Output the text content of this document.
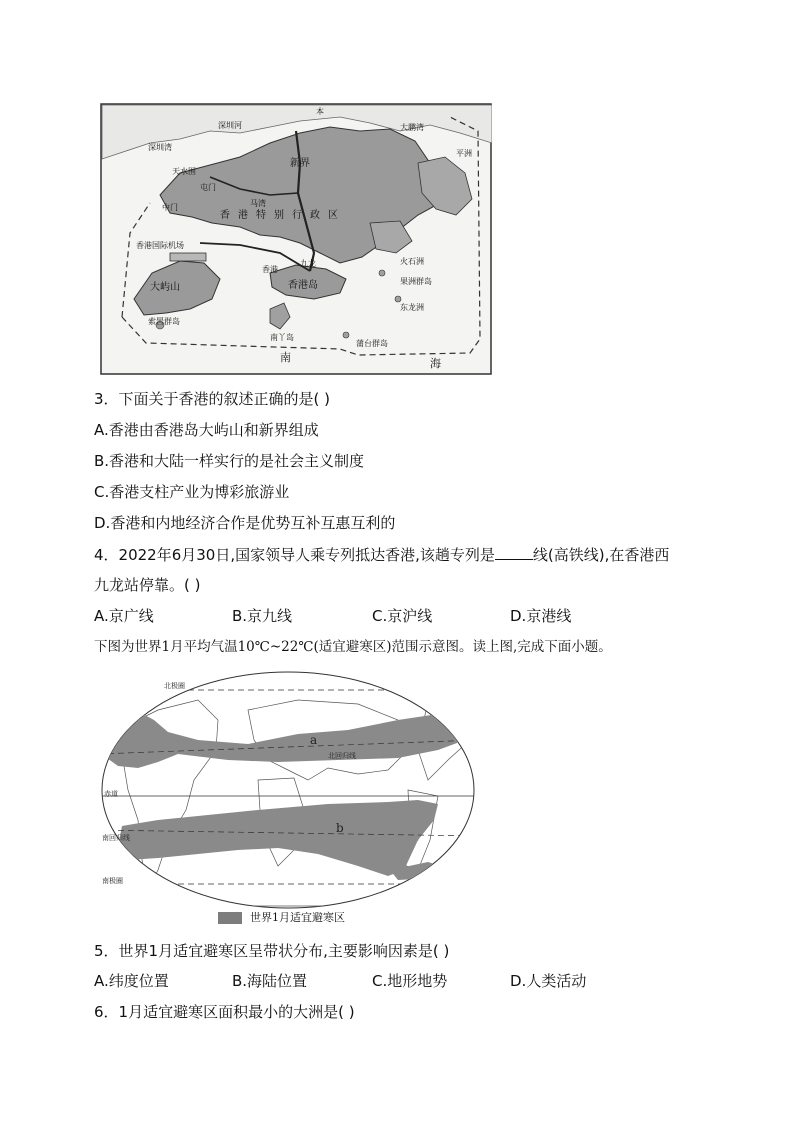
本
深圳河
深圳湾
大鹏湾
新界
天水围
屯门
中门	马湾
香港特别行政区
香港国际机场
大屿山
九龙
香港
香港岛
火石洲
果洲群岛
东龙洲
索罟群岛
南丫岛
蒲台群岛
平洲
南	海
3．下面关于香港的叙述正确的是( )
A.香港由香港岛大屿山和新界组成
B.香港和大陆一样实行的是社会主义制度
C.香港支柱产业为博彩旅游业
D.香港和内地经济合作是优势互补互惠互利的
4．2022年6月30日,国家领导人乘专列抵达香港,该趟专列是	线(高铁线),在香港西
九龙站停靠。( )
A.京广线	B.京九线	C.京沪线	D.京港线
下图为世界1月平均气温10℃~22℃(适宜避寒区)范围示意图。读上图,完成下面小题。
北极圈
北回归线
赤道
南回归线
南极圈
a
b
世界1月适宜避寒区
5．世界1月适宜避寒区呈带状分布,主要影响因素是( )
A.纬度位置	B.海陆位置	C.地形地势	D.人类活动
6．1月适宜避寒区面积最小的大洲是( )
